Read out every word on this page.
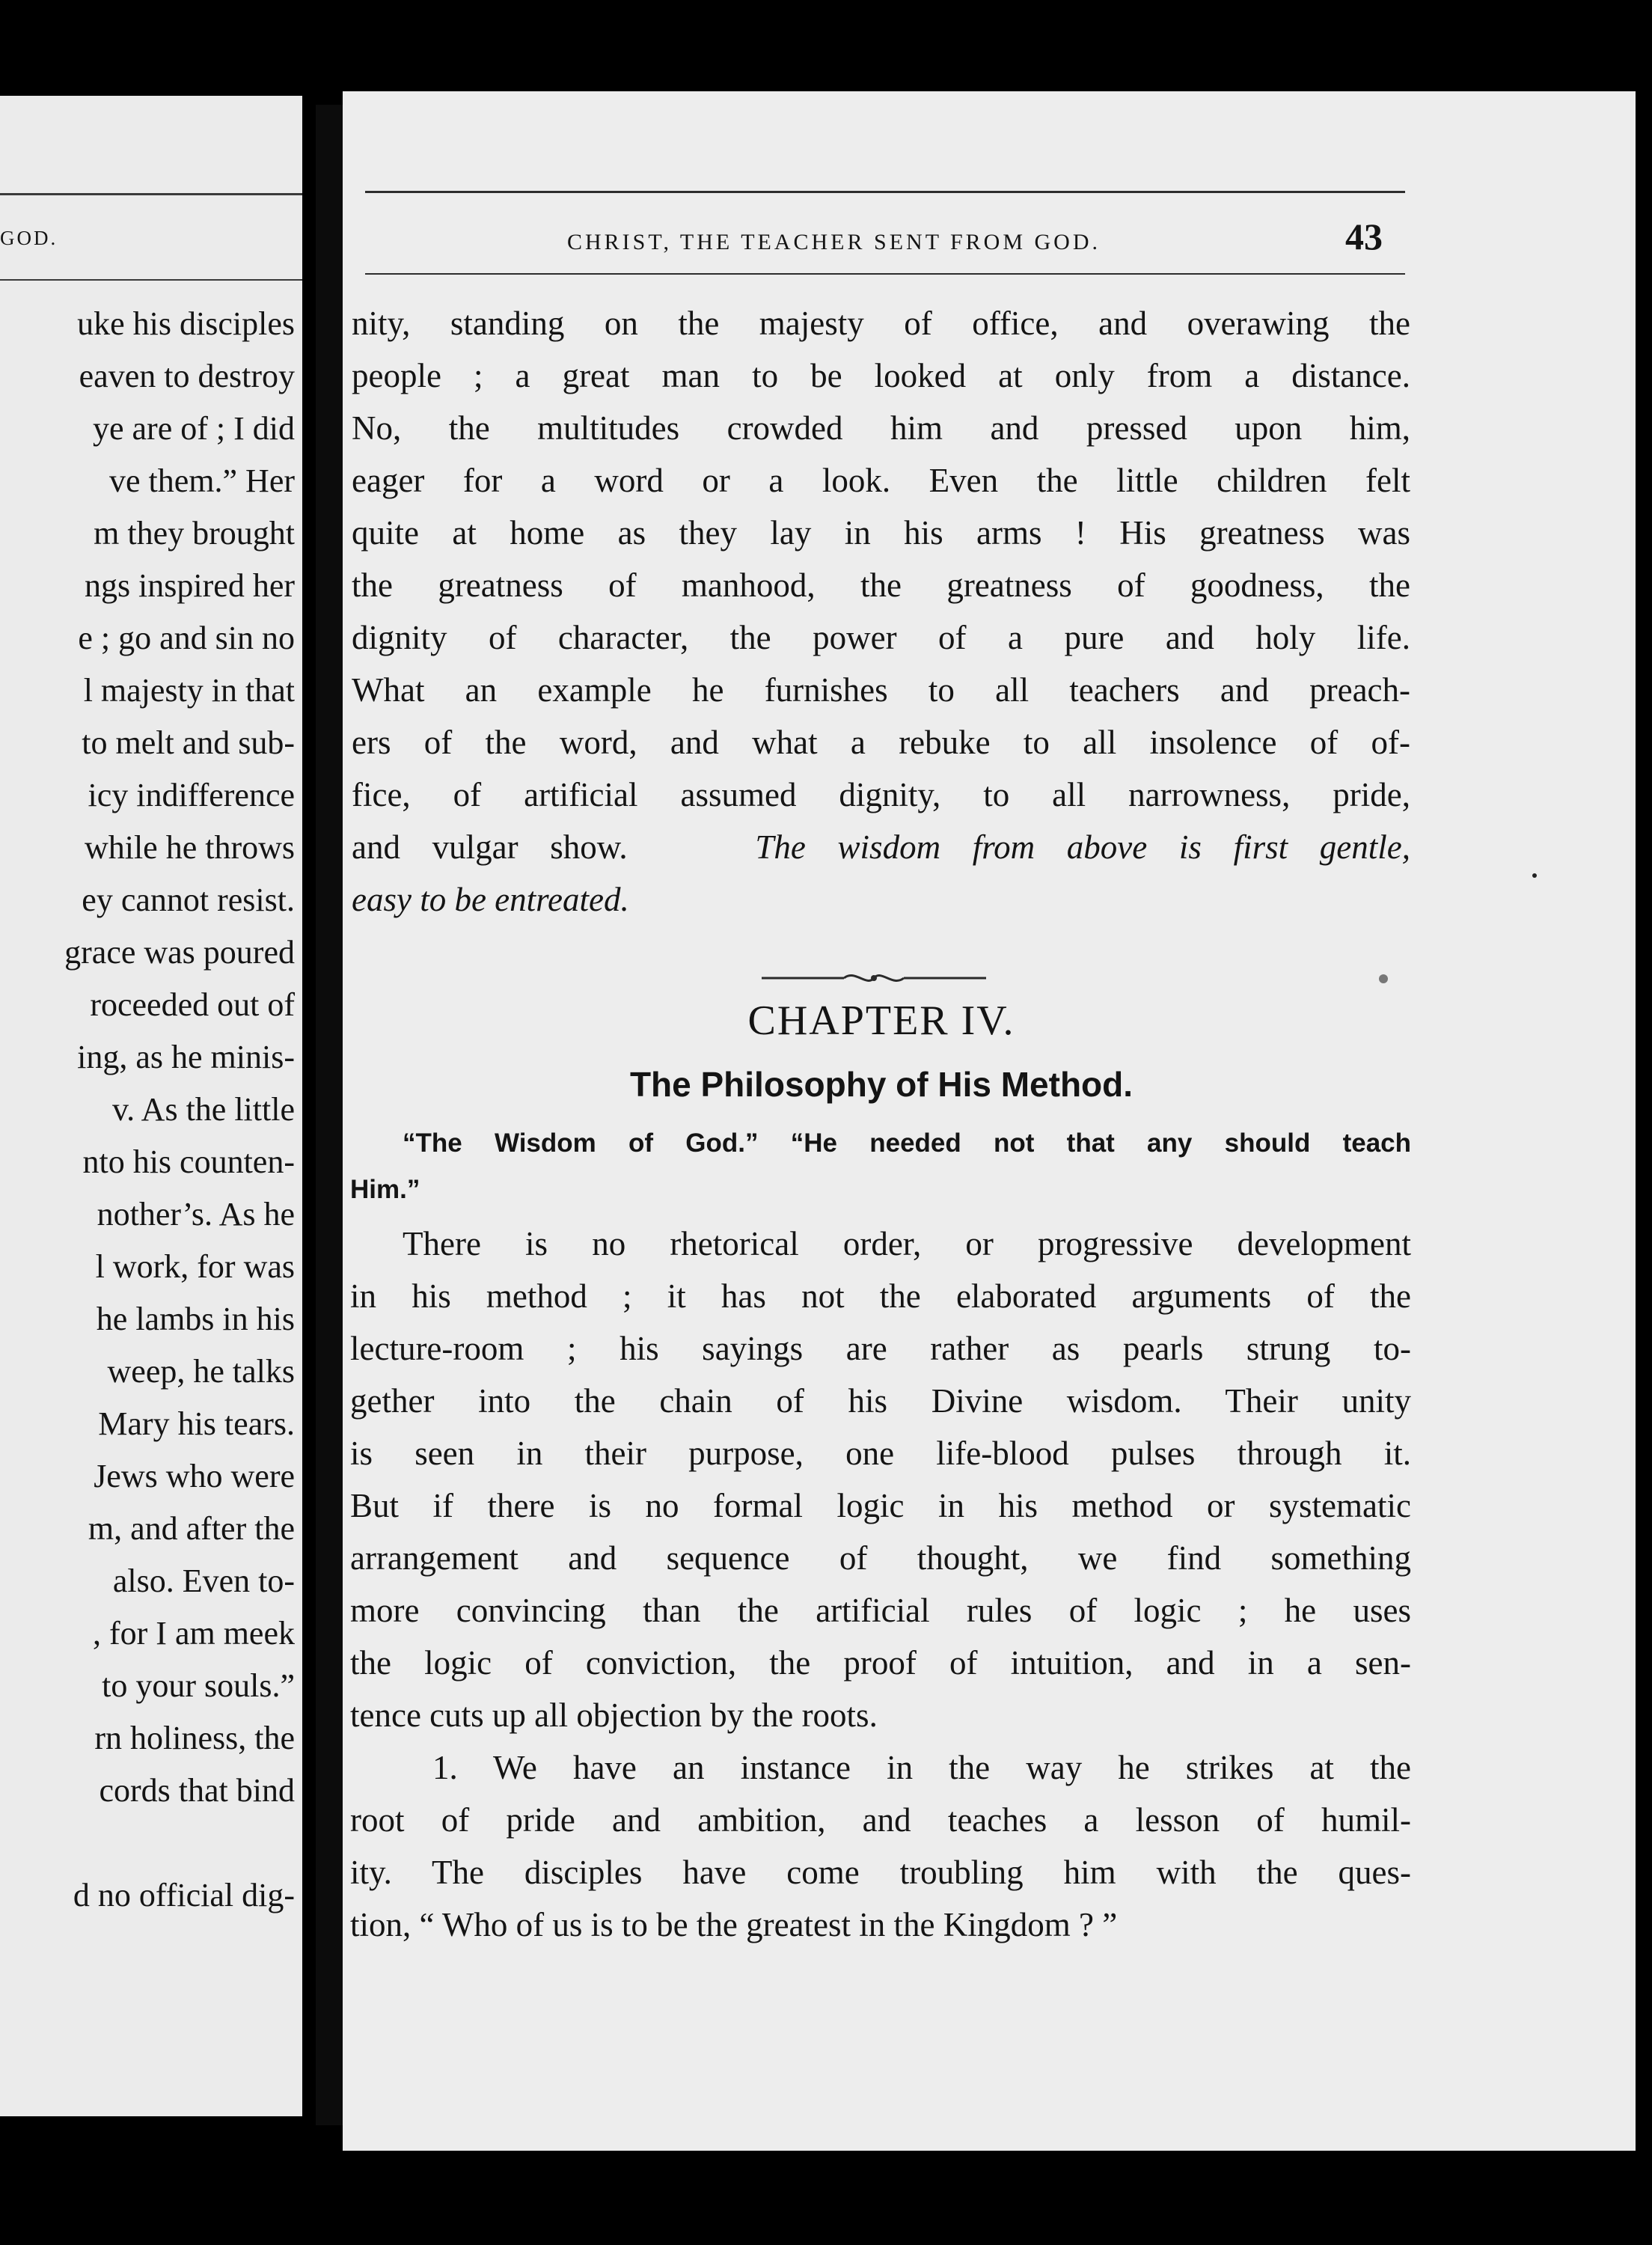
GOD.
uke his disciples
eaven to destroy
ye are of ; I did
ve them.” Her
m they brought
ngs inspired her
e ; go and sin no
l majesty in that
to melt and sub-
icy indifference
while he throws
ey cannot resist.
grace was poured
roceeded out of
ing, as he minis-
v. As the little
nto his counten-
nother’s. As he
l work, for was
he lambs in his
weep, he talks
Mary his tears.
Jews who were
m, and after the
also. Even to-
, for I am meek
to your souls.”
rn holiness, the
cords that bind
d no official dig-
CHRIST, THE TEACHER SENT FROM GOD.	43
nity, standing on the majesty of office, and overawing the
people ; a great man to be looked at only from a distance.
No, the multitudes crowded him and pressed upon him,
eager for a word or a look. Even the little children felt
quite at home as they lay in his arms ! His greatness was
the greatness of manhood, the greatness of goodness, the
dignity of character, the power of a pure and holy life.
What an example he furnishes to all teachers and preach-
ers of the word, and what a rebuke to all insolence of of-
fice, of artificial assumed dignity, to all narrowness, pride,
and vulgar show.	The wisdom from above is first gentle,
easy to be entreated.
CHAPTER IV.
The Philosophy of His Method.
“The Wisdom of God.” “He needed not that any should teach
Him.”
There is no rhetorical order, or progressive development
in his method ; it has not the elaborated arguments of the
lecture-room ; his sayings are rather as pearls strung to-
gether into the chain of his Divine wisdom. Their unity
is seen in their purpose, one life-blood pulses through it.
But if there is no formal logic in his method or systematic
arrangement and sequence of thought, we find something
more convincing than the artificial rules of logic ; he uses
the logic of conviction, the proof of intuition, and in a sen-
tence cuts up all objection by the roots.
1. We have an instance in the way he strikes at the
root of pride and ambition, and teaches a lesson of humil-
ity. The disciples have come troubling him with the ques-
tion, “ Who of us is to be the greatest in the Kingdom ? ”
